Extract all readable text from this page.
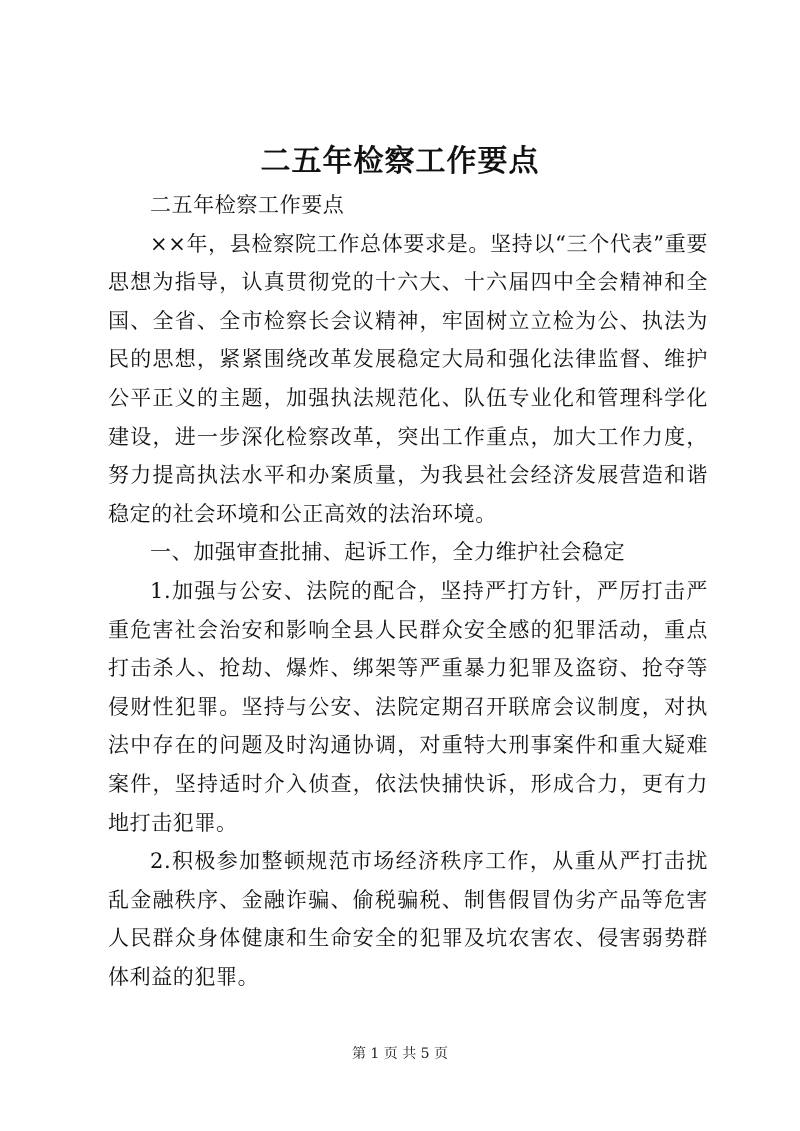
二五年检察工作要点

二五年检察工作要点

××年，县检察院工作总体要求是。坚持以“三个代表”重要思想为指导，认真贯彻党的十六大、十六届四中全会精神和全国、全省、全市检察长会议精神，牢固树立立检为公、执法为民的思想，紧紧围绕改革发展稳定大局和强化法律监督、维护公平正义的主题，加强执法规范化、队伍专业化和管理科学化建设，进一步深化检察改革，突出工作重点，加大工作力度，努力提高执法水平和办案质量，为我县社会经济发展营造和谐稳定的社会环境和公正高效的法治环境。

一、加强审查批捕、起诉工作，全力维护社会稳定

1.加强与公安、法院的配合，坚持严打方针，严厉打击严重危害社会治安和影响全县人民群众安全感的犯罪活动，重点打击杀人、抢劫、爆炸、绑架等严重暴力犯罪及盗窃、抢夺等侵财性犯罪。坚持与公安、法院定期召开联席会议制度，对执法中存在的问题及时沟通协调，对重特大刑事案件和重大疑难案件，坚持适时介入侦查，依法快捕快诉，形成合力，更有力地打击犯罪。

2.积极参加整顿规范市场经济秩序工作，从重从严打击扰乱金融秩序、金融诈骗、偷税骗税、制售假冒伪劣产品等危害人民群众身体健康和生命安全的犯罪及坑农害农、侵害弱势群体利益的犯罪。

第 1 页 共 5 页
